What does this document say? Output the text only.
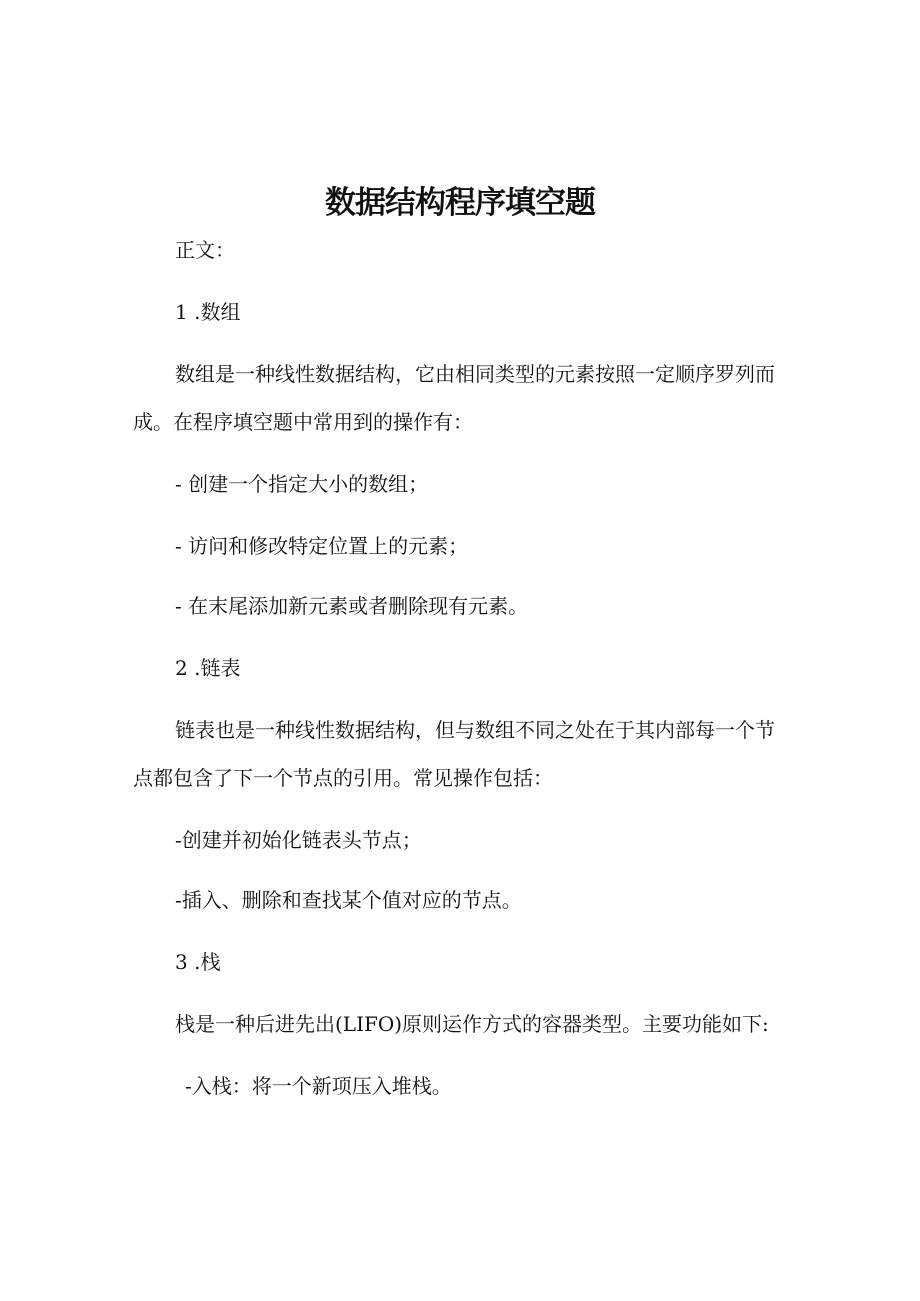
数据结构程序填空题
正文：
1 .数组
数组是一种线性数据结构，它由相同类型的元素按照一定顺序罗列而
成。在程序填空题中常用到的操作有：
- 创建一个指定大小的数组；
- 访问和修改特定位置上的元素；
- 在末尾添加新元素或者删除现有元素。
2 .链表
链表也是一种线性数据结构，但与数组不同之处在于其内部每一个节
点都包含了下一个节点的引用。常见操作包括：
-创建并初始化链表头节点；
-插入、删除和查找某个值对应的节点。
3 .栈
栈是一种后进先出(LIFO)原则运作方式的容器类型。主要功能如下:
-入栈：将一个新项压入堆栈。
